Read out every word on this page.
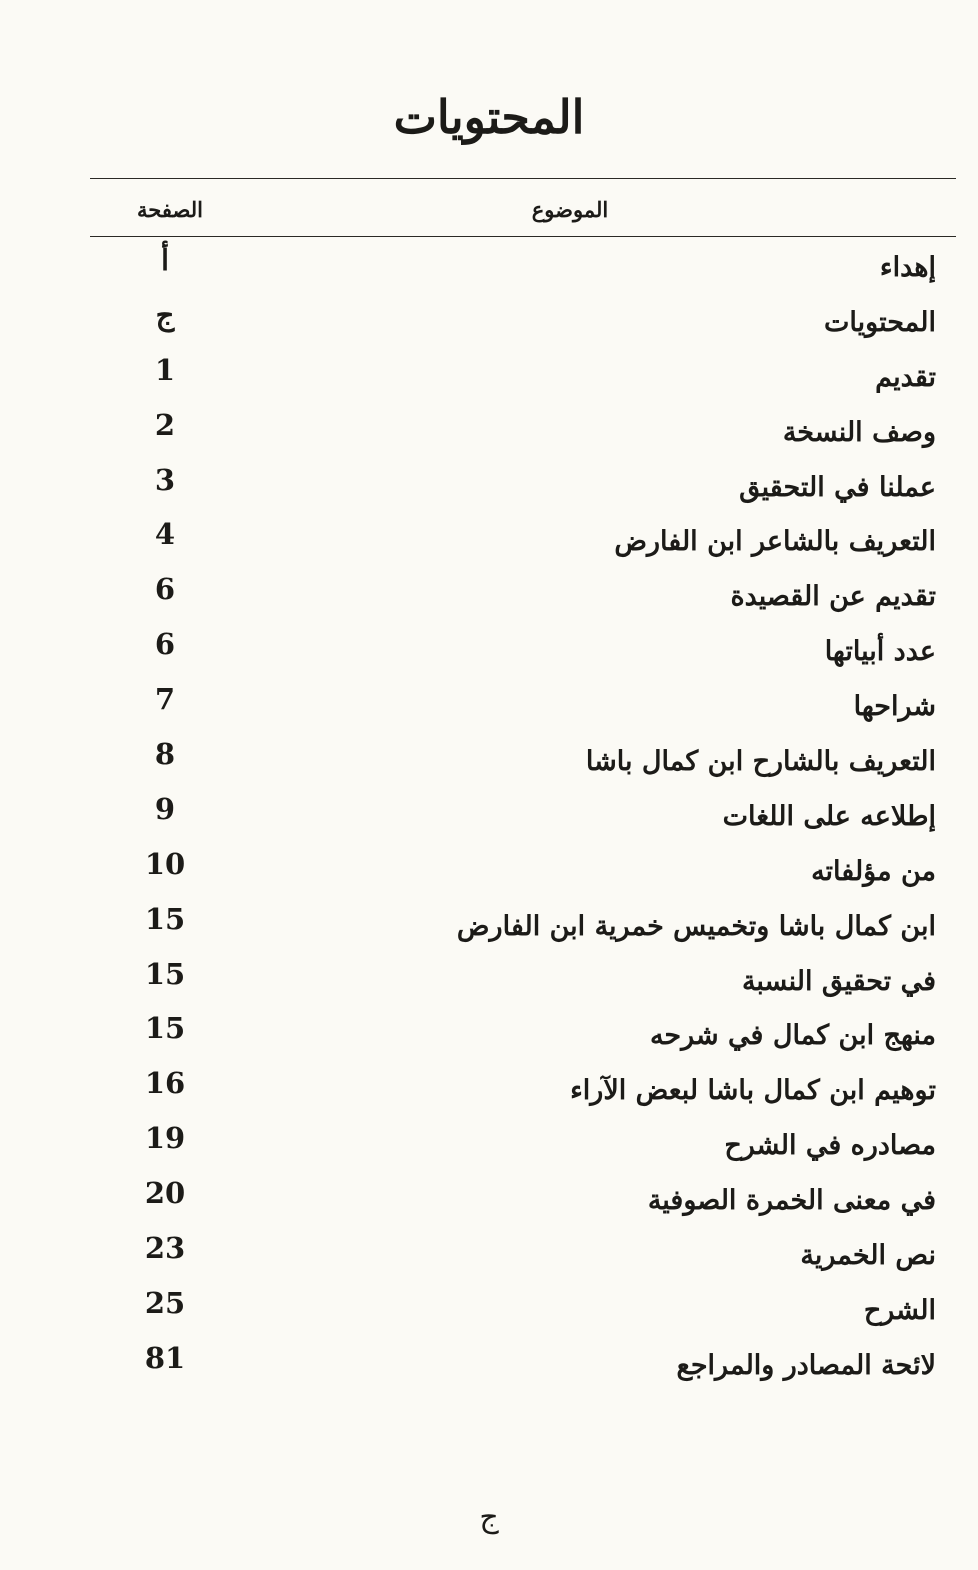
المحتويات
الموضوع
الصفحة
إهداء
أ
المحتويات
ج
تقديم
1
وصف النسخة
2
عملنا في التحقيق
3
التعريف بالشاعر ابن الفارض
4
تقديم عن القصيدة
6
عدد أبياتها
6
شراحها
7
التعريف بالشارح ابن كمال باشا
8
إطلاعه على اللغات
9
من مؤلفاته
10
ابن كمال باشا وتخميس خمرية ابن الفارض
15
في تحقيق النسبة
15
منهج ابن كمال في شرحه
15
توهيم ابن كمال باشا لبعض الآراء
16
مصادره في الشرح
19
في معنى الخمرة الصوفية
20
نص الخمرية
23
الشرح
25
لائحة المصادر والمراجع
81
ج
